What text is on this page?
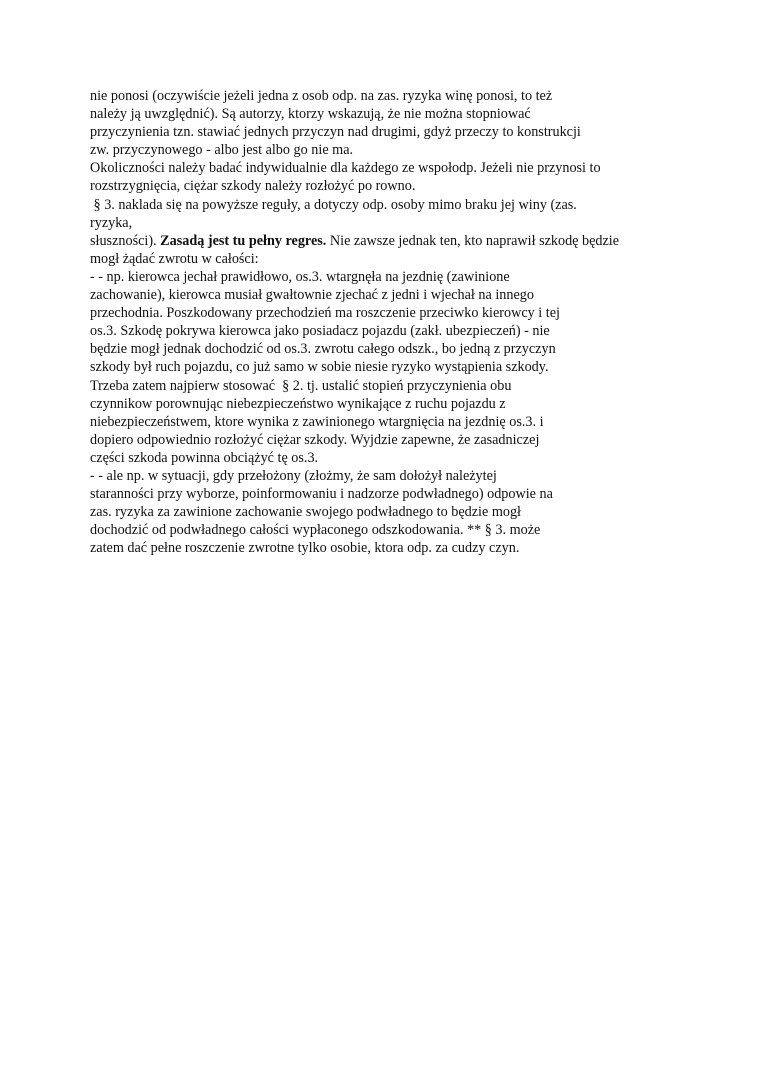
nie ponosi (oczywiście jeżeli jedna z osob odp. na zas. ryzyka winę ponosi, to też
należy ją uwzględnić). Są autorzy, ktorzy wskazują, że nie można stopniować
przyczynienia tzn. stawiać jednych przyczyn nad drugimi, gdyż przeczy to konstrukcji
zw. przyczynowego ‑ albo jest albo go nie ma.
Okoliczności należy badać indywidualnie dla każdego ze wspołodp. Jeżeli nie przynosi to
rozstrzygnięcia, ciężar szkody należy rozłożyć po rowno.
§ 3. naklada się na powyższe reguły, a dotyczy odp. osoby mimo braku jej winy (zas.
ryzyka,
słuszności). Zasadą jest tu pełny regres. Nie zawsze jednak ten, kto naprawił szkodę będzie
mogł żądać zwrotu w całości:
- - np. kierowca jechał prawidłowo, os.3. wtargnęła na jezdnię (zawinione
zachowanie), kierowca musiał gwałtownie zjechać z jedni i wjechał na innego
przechodnia. Poszkodowany przechodzień ma roszczenie przeciwko kierowcy i tej
os.3. Szkodę pokrywa kierowca jako posiadacz pojazdu (zakł. ubezpieczeń) ‑ nie
będzie mogł jednak dochodzić od os.3. zwrotu całego odszk., bo jedną z przyczyn
szkody był ruch pojazdu, co już samo w sobie niesie ryzyko wystąpienia szkody.
Trzeba zatem najpierw stosować  § 2. tj. ustalić stopień przyczynienia obu
czynnikow porownując niebezpieczeństwo wynikające z ruchu pojazdu z
niebezpieczeństwem, ktore wynika z zawinionego wtargnięcia na jezdnię os.3. i
dopiero odpowiednio rozłożyć ciężar szkody. Wyjdzie zapewne, że zasadniczej
części szkoda powinna obciążyć tę os.3.
- - ale np. w sytuacji, gdy przełożony (złożmy, że sam dołożył należytej
staranności przy wyborze, poinformowaniu i nadzorze podwładnego) odpowie na
zas. ryzyka za zawinione zachowanie swojego podwładnego to będzie mogł
dochodzić od podwładnego całości wypłaconego odszkodowania. ** § 3. może
zatem dać pełne roszczenie zwrotne tylko osobie, ktora odp. za cudzy czyn.
